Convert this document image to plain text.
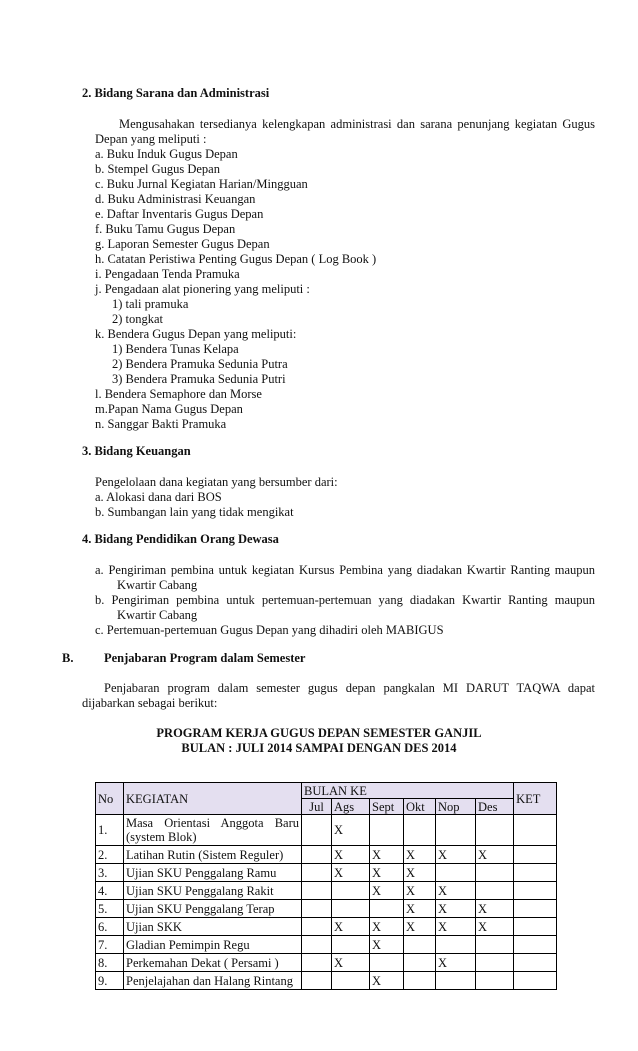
2. Bidang Sarana dan Administrasi
Mengusahakan tersedianya kelengkapan administrasi dan sarana penunjang kegiatan Gugus
Depan yang meliputi :
a. Buku Induk Gugus Depan
b. Stempel Gugus Depan
c. Buku Jurnal Kegiatan Harian/Mingguan
d. Buku Administrasi Keuangan
e. Daftar Inventaris Gugus Depan
f. Buku Tamu Gugus Depan
g. Laporan Semester Gugus Depan
h. Catatan Peristiwa Penting Gugus Depan ( Log Book )
i. Pengadaan Tenda Pramuka
j. Pengadaan alat pionering yang meliputi :
1) tali pramuka
2) tongkat
k. Bendera Gugus Depan yang meliputi:
1) Bendera Tunas Kelapa
2) Bendera Pramuka Sedunia Putra
3) Bendera Pramuka Sedunia Putri
l. Bendera Semaphore dan Morse
m.Papan Nama Gugus Depan
n. Sanggar Bakti Pramuka
3. Bidang Keuangan
Pengelolaan dana kegiatan yang bersumber dari:
a. Alokasi dana dari BOS
b. Sumbangan lain yang tidak mengikat
4. Bidang Pendidikan Orang Dewasa
a. Pengiriman pembina untuk kegiatan Kursus Pembina yang diadakan Kwartir Ranting maupun
Kwartir Cabang
b. Pengiriman pembina untuk pertemuan-pertemuan yang diadakan Kwartir Ranting maupun
Kwartir Cabang
c. Pertemuan-pertemuan Gugus Depan yang dihadiri oleh MABIGUS
B. Penjabaran Program dalam Semester
Penjabaran program dalam semester gugus depan pangkalan MI DARUT TAQWA dapat
dijabarkan sebagai berikut:
PROGRAM KERJA GUGUS DEPAN SEMESTER GANJIL
BULAN : JULI 2014 SAMPAI DENGAN DES 2014
No	KEGIATAN	BULAN KE						KET
		Jul	Ags	Sept	Okt	Nop	Des	
1.	Masa Orientasi Anggota Baru
(system Blok)		X					
2.	Latihan Rutin (Sistem Reguler)		X	X	X	X	X	
3.	Ujian SKU Penggalang Ramu		X	X	X			
4.	Ujian SKU Penggalang Rakit			X	X	X		
5.	Ujian SKU Penggalang Terap				X	X	X	
6.	Ujian SKK		X	X	X	X	X	
7.	Gladian Pemimpin Regu			X				
8.	Perkemahan Dekat ( Persami )		X			X		
9.	Penjelajahan dan Halang Rintang			X				
